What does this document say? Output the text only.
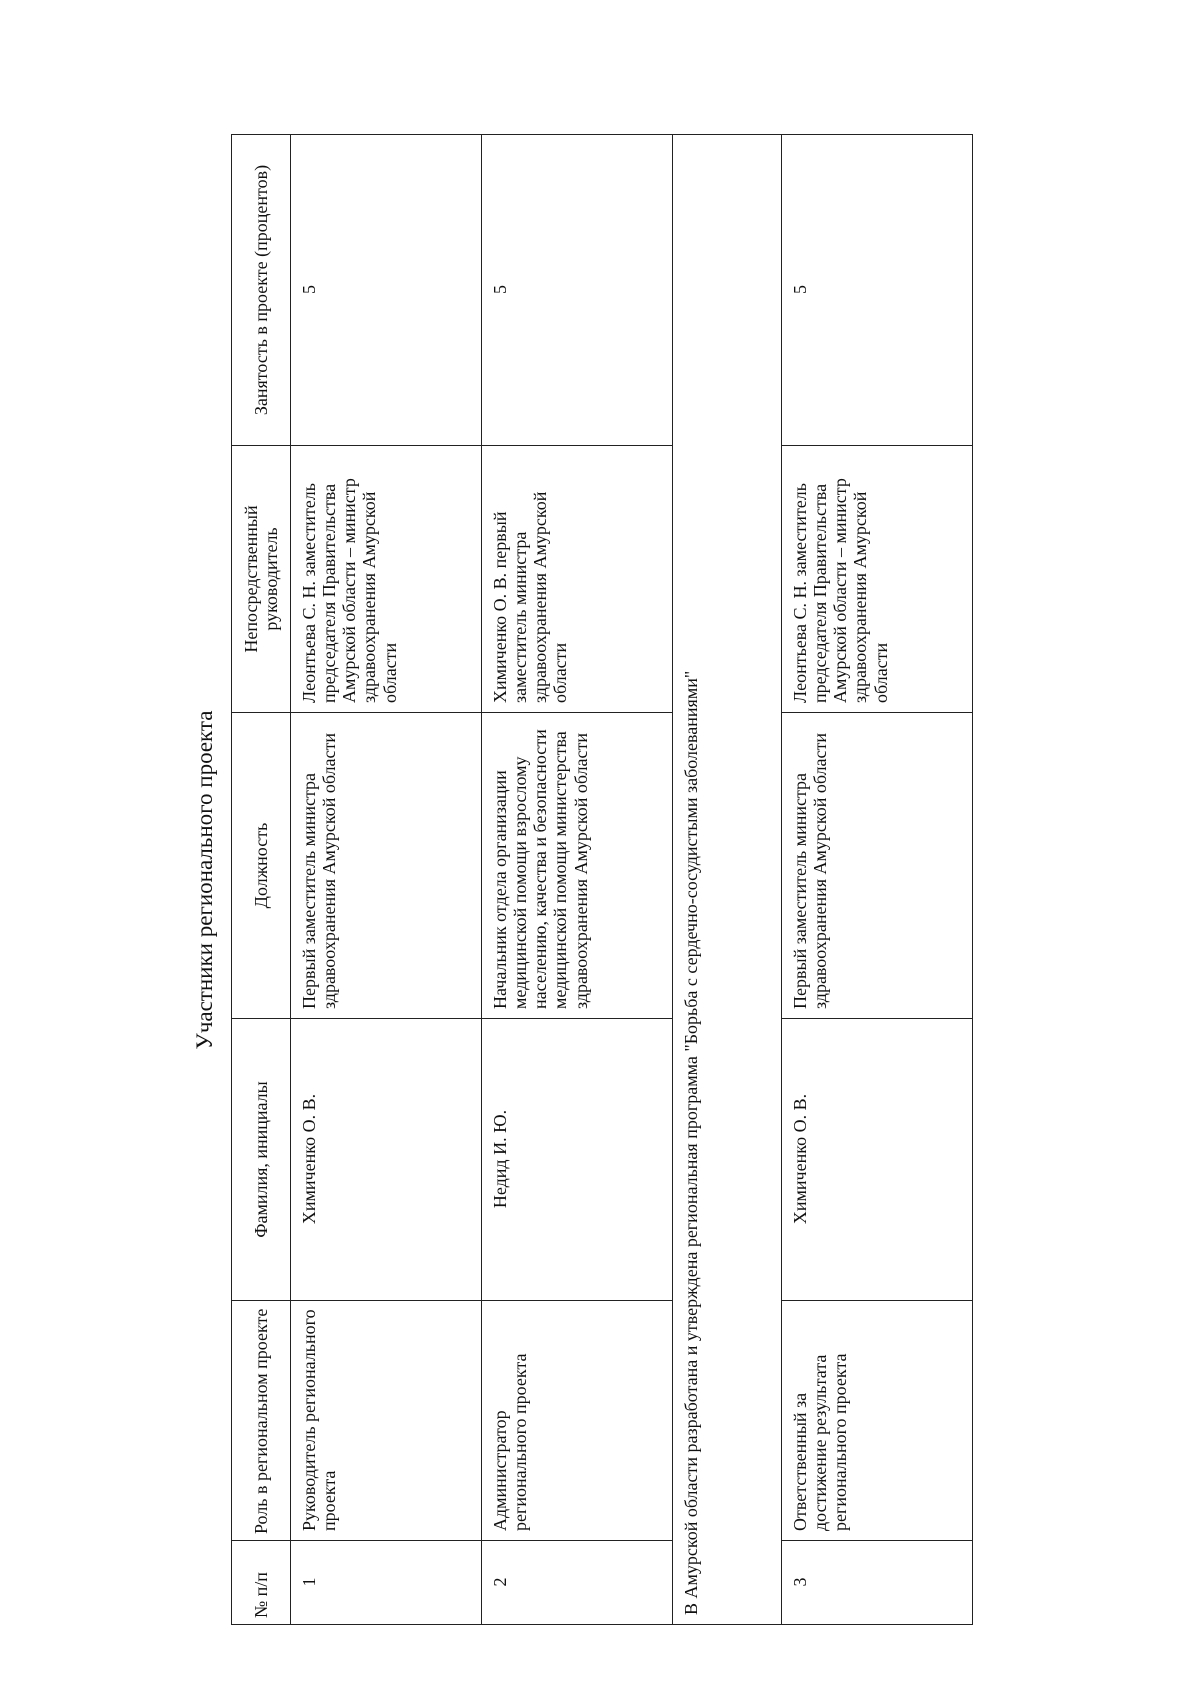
Участники регионального проекта
№ п/п	Роль в региональном проекте	Фамилия, инициалы	Должность	Непосредственный руководитель	Занятость в проекте (процентов)
1	Руководитель регионального проекта	Химиченко О. В.	Первый заместитель министра здравоохранения Амурской области	Леонтьева С. Н. заместитель председателя Правительства Амурской области – министр здравоохранения Амурской области	5
2	Администратор регионального проекта	Недид И. Ю.	Начальник отдела организации медицинской помощи взрослому населению, качества и безопасности медицинской помощи министерства здравоохранения Амурской области	Химиченко О. В. первый заместитель министра здравоохранения Амурской области	5
В Амурской области разработана и утверждена региональная программа "Борьба с сердечно-сосудистыми заболеваниями"					
3	Ответственный за достижение результата регионального проекта	Химиченко О. В.	Первый заместитель министра здравоохранения Амурской области	Леонтьева С. Н. заместитель председателя Правительства Амурской области – министр здравоохранения Амурской области	5
